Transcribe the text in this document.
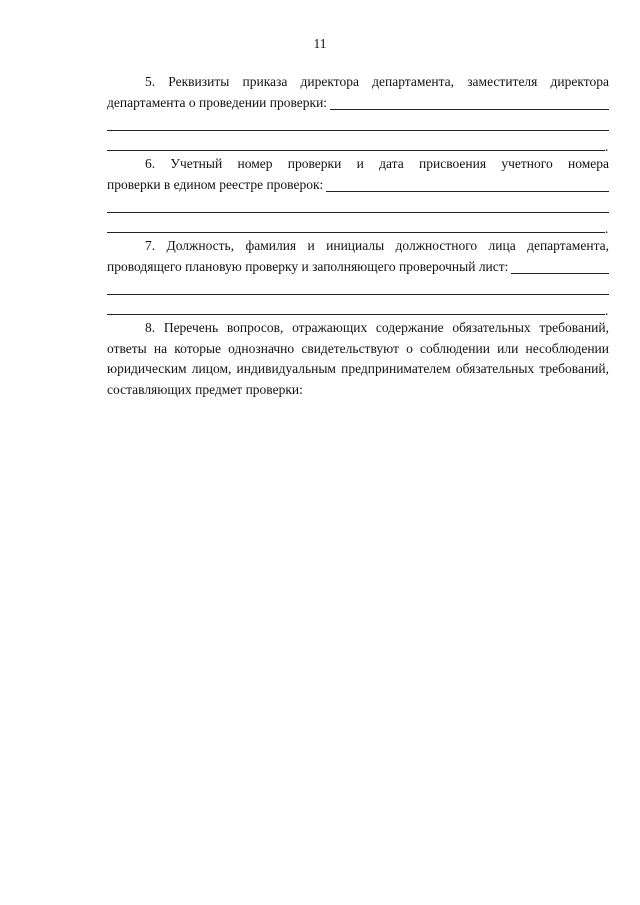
11
5. Реквизиты приказа директора департамента, заместителя директора
департамента о проведении проверки:
.
6. Учетный номер проверки и дата присвоения учетного номера
проверки в едином реестре проверок:
.
7. Должность, фамилия и инициалы должностного лица департамента,
проводящего плановую проверку и заполняющего проверочный лист:
.
8. Перечень вопросов, отражающих содержание обязательных требований, ответы на которые однозначно свидетельствуют о соблюдении или несоблюдении юридическим лицом, индивидуальным предпринимателем обязательных требований, составляющих предмет проверки:
